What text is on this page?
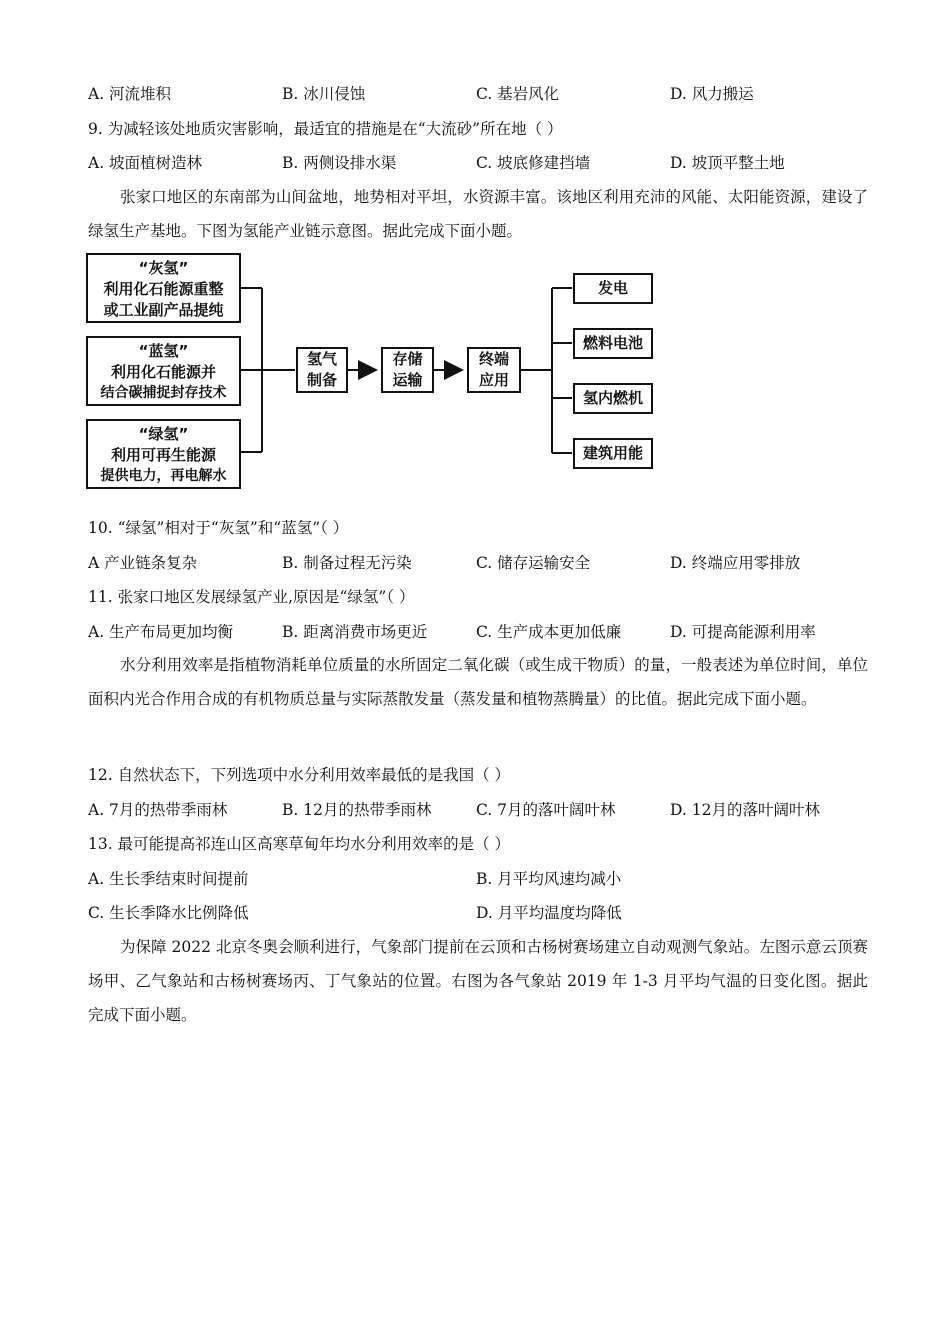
A. 河流堆积	B. 冰川侵蚀	C. 基岩风化	D. 风力搬运
9. 为减轻该处地质灾害影响，最适宜的措施是在“大流砂”所在地（ ）
A. 坡面植树造林	B. 两侧设排水渠	C. 坡底修建挡墙	D. 坡顶平整土地
张家口地区的东南部为山间盆地，地势相对平坦，水资源丰富。该地区利用充沛的风能、太阳能资源，建设了绿氢生产基地。下图为氢能产业链示意图。据此完成下面小题。
“灰氢”
利用化石能源重整
或工业副产品提纯
“蓝氢”
利用化石能源并
结合碳捕捉封存技术
“绿氢”
利用可再生能源
提供电力，再电解水
氢气
制备
存储
运输
终端
应用
发电
燃料电池
氢内燃机
建筑用能
10. “绿氢”相对于“灰氢”和“蓝氢”（ ）
A 产业链条复杂	B. 制备过程无污染	C. 储存运输安全	D. 终端应用零排放
11. 张家口地区发展绿氢产业,原因是“绿氢”（ ）
A. 生产布局更加均衡	B. 距离消费市场更近	C. 生产成本更加低廉	D. 可提高能源利用率
水分利用效率是指植物消耗单位质量的水所固定二氧化碳（或生成干物质）的量，一般表述为单位时间，单位面积内光合作用合成的有机物质总量与实际蒸散发量（蒸发量和植物蒸腾量）的比值。据此完成下面小题。
12. 自然状态下，下列选项中水分利用效率最低的是我国（ ）
A. 7月的热带季雨林	B. 12月的热带季雨林	C. 7月的落叶阔叶林	D. 12月的落叶阔叶林
13. 最可能提高祁连山区高寒草甸年均水分利用效率的是（ ）
A. 生长季结束时间提前	B. 月平均风速均减小
C. 生长季降水比例降低	D. 月平均温度均降低
为保障 2022 北京冬奥会顺利进行，气象部门提前在云顶和古杨树赛场建立自动观测气象站。左图示意云顶赛场甲、乙气象站和古杨树赛场丙、丁气象站的位置。右图为各气象站 2019 年 1-3 月平均气温的日变化图。据此完成下面小题。
